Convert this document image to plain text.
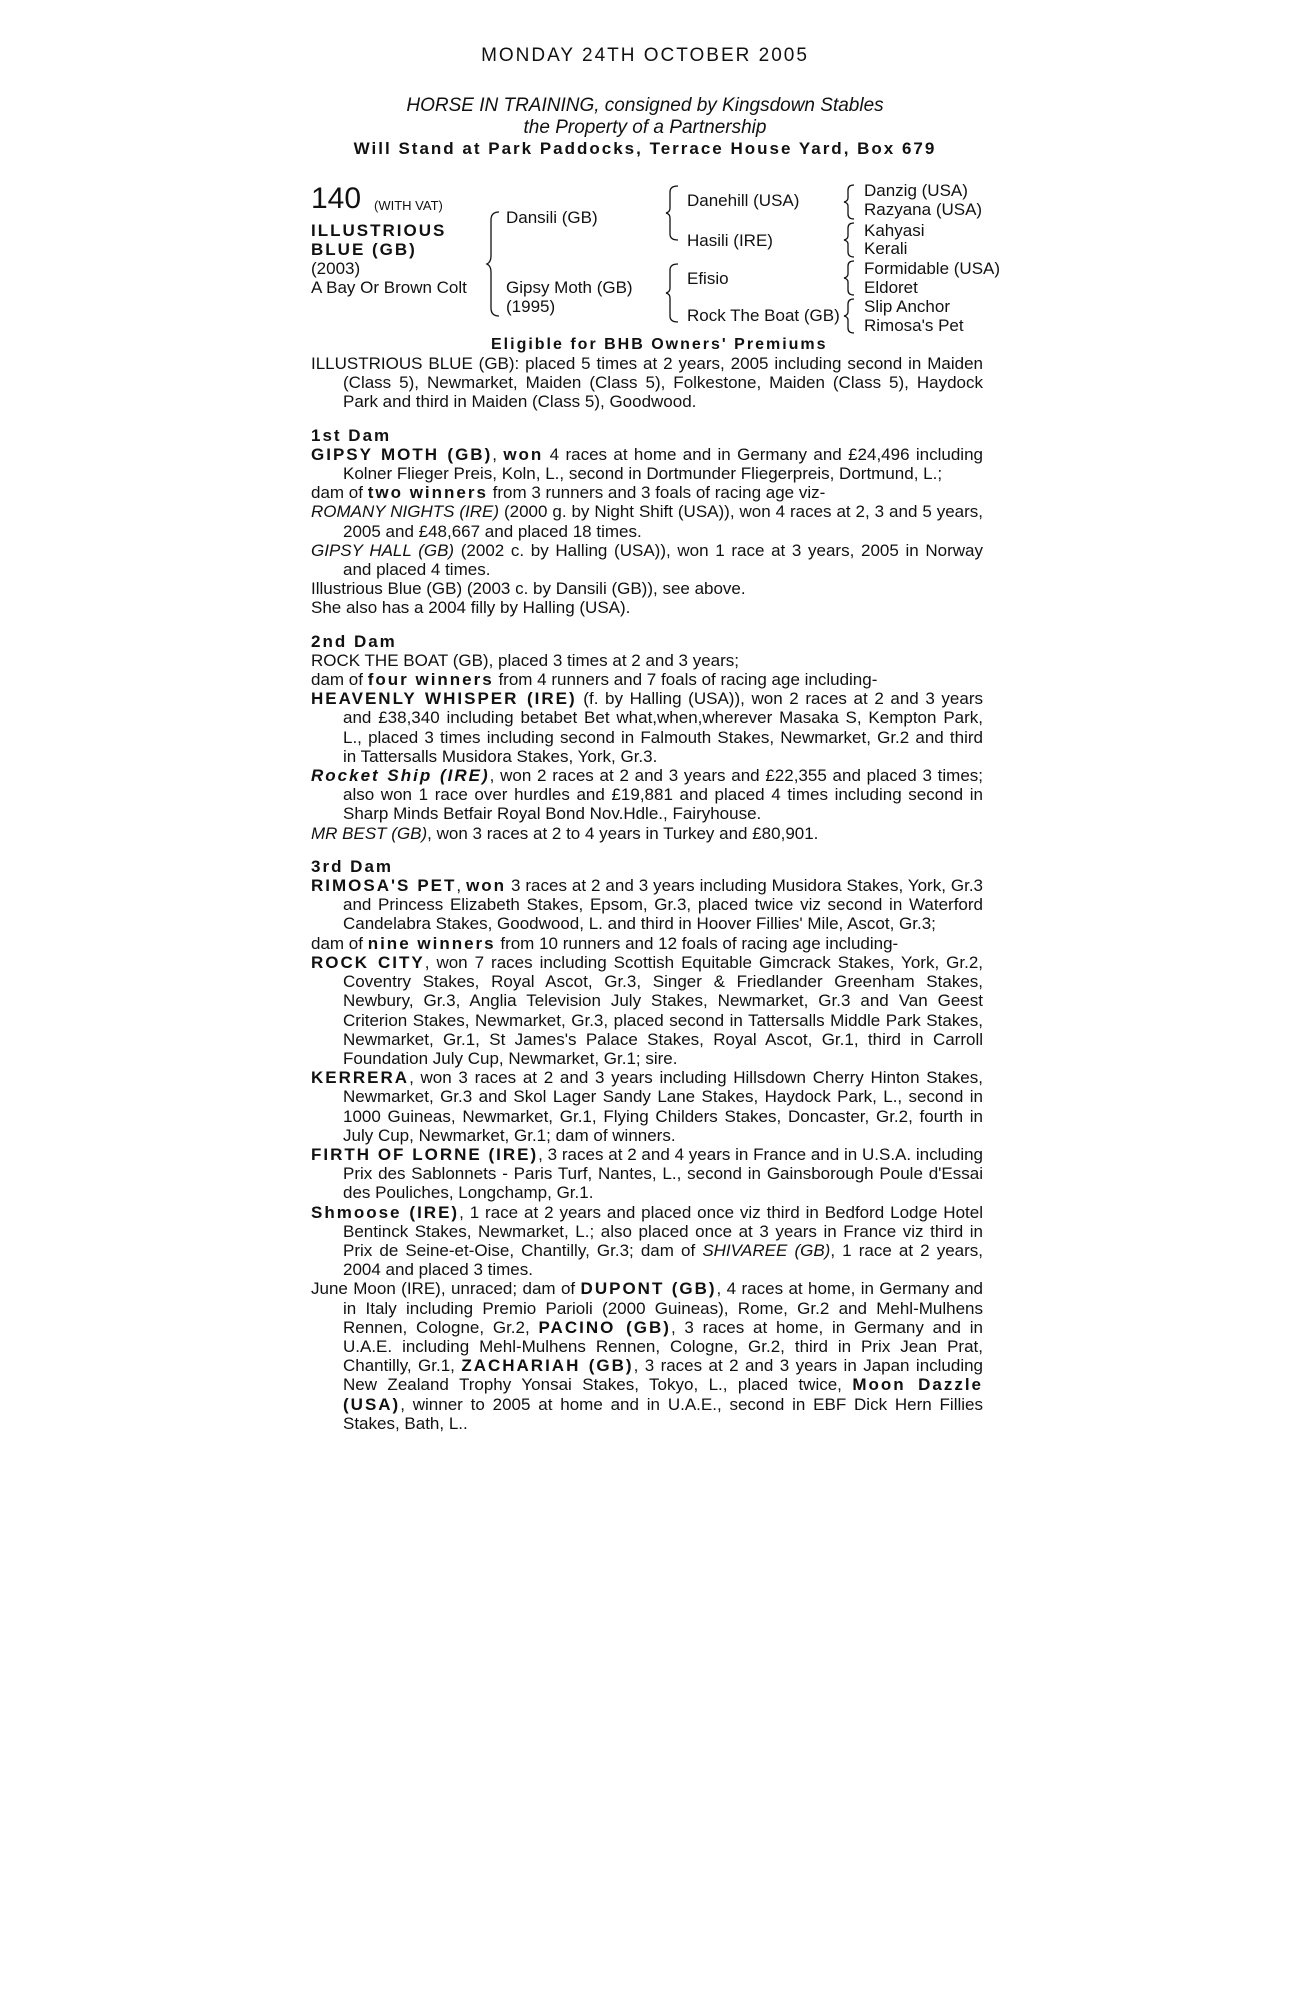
MONDAY 24TH OCTOBER 2005
HORSE IN TRAINING, consigned by Kingsdown Stables
the Property of a Partnership
Will Stand at Park Paddocks, Terrace House Yard, Box 679
140 (WITH VAT)
ILLUSTRIOUS
BLUE (GB)
(2003)
A Bay Or Brown Colt
Dansili (GB)
Gipsy Moth (GB)
(1995)
Danehill (USA)
Hasili (IRE)
Efisio
Rock The Boat (GB)
Danzig (USA)
Razyana (USA)
Kahyasi
Kerali
Formidable (USA)
Eldoret
Slip Anchor
Rimosa's Pet
Eligible for BHB Owners' Premiums

ILLUSTRIOUS BLUE (GB): placed 5 times at 2 years, 2005 including second in Maiden (Class 5), Newmarket, Maiden (Class 5), Folkestone, Maiden (Class 5), Haydock Park and third in Maiden (Class 5), Goodwood.

1st Dam

GIPSY MOTH (GB), won 4 races at home and in Germany and £24,496 including Kolner Flieger Preis, Koln, L., second in Dortmunder Fliegerpreis, Dortmund, L.;

dam of two winners from 3 runners and 3 foals of racing age viz-

ROMANY NIGHTS (IRE) (2000 g. by Night Shift (USA)), won 4 races at 2, 3 and 5 years, 2005 and £48,667 and placed 18 times.

GIPSY HALL (GB) (2002 c. by Halling (USA)), won 1 race at 3 years, 2005 in Norway and placed 4 times.

Illustrious Blue (GB) (2003 c. by Dansili (GB)), see above.

She also has a 2004 filly by Halling (USA).

2nd Dam

ROCK THE BOAT (GB), placed 3 times at 2 and 3 years;

dam of four winners from 4 runners and 7 foals of racing age including-

HEAVENLY WHISPER (IRE) (f. by Halling (USA)), won 2 races at 2 and 3 years and £38,340 including betabet Bet what,when,wherever Masaka S, Kempton Park, L., placed 3 times including second in Falmouth Stakes, Newmarket, Gr.2 and third in Tattersalls Musidora Stakes, York, Gr.3.

Rocket Ship (IRE), won 2 races at 2 and 3 years and £22,355 and placed 3 times; also won 1 race over hurdles and £19,881 and placed 4 times including second in Sharp Minds Betfair Royal Bond Nov.Hdle., Fairyhouse.

MR BEST (GB), won 3 races at 2 to 4 years in Turkey and £80,901.

3rd Dam

RIMOSA'S PET, won 3 races at 2 and 3 years including Musidora Stakes, York, Gr.3 and Princess Elizabeth Stakes, Epsom, Gr.3, placed twice viz second in Waterford Candelabra Stakes, Goodwood, L. and third in Hoover Fillies' Mile, Ascot, Gr.3;

dam of nine winners from 10 runners and 12 foals of racing age including-

ROCK CITY, won 7 races including Scottish Equitable Gimcrack Stakes, York, Gr.2, Coventry Stakes, Royal Ascot, Gr.3, Singer & Friedlander Greenham Stakes, Newbury, Gr.3, Anglia Television July Stakes, Newmarket, Gr.3 and Van Geest Criterion Stakes, Newmarket, Gr.3, placed second in Tattersalls Middle Park Stakes, Newmarket, Gr.1, St James's Palace Stakes, Royal Ascot, Gr.1, third in Carroll Foundation July Cup, Newmarket, Gr.1; sire.

KERRERA, won 3 races at 2 and 3 years including Hillsdown Cherry Hinton Stakes, Newmarket, Gr.3 and Skol Lager Sandy Lane Stakes, Haydock Park, L., second in 1000 Guineas, Newmarket, Gr.1, Flying Childers Stakes, Doncaster, Gr.2, fourth in July Cup, Newmarket, Gr.1; dam of winners.

FIRTH OF LORNE (IRE), 3 races at 2 and 4 years in France and in U.S.A. including Prix des Sablonnets - Paris Turf, Nantes, L., second in Gainsborough Poule d'Essai des Pouliches, Longchamp, Gr.1.

Shmoose (IRE), 1 race at 2 years and placed once viz third in Bedford Lodge Hotel Bentinck Stakes, Newmarket, L.; also placed once at 3 years in France viz third in Prix de Seine-et-Oise, Chantilly, Gr.3; dam of SHIVAREE (GB), 1 race at 2 years, 2004 and placed 3 times.

June Moon (IRE), unraced; dam of DUPONT (GB), 4 races at home, in Germany and in Italy including Premio Parioli (2000 Guineas), Rome, Gr.2 and Mehl-Mulhens Rennen, Cologne, Gr.2, PACINO (GB), 3 races at home, in Germany and in U.A.E. including Mehl-Mulhens Rennen, Cologne, Gr.2, third in Prix Jean Prat, Chantilly, Gr.1, ZACHARIAH (GB), 3 races at 2 and 3 years in Japan including New Zealand Trophy Yonsai Stakes, Tokyo, L., placed twice, Moon Dazzle (USA), winner to 2005 at home and in U.A.E., second in EBF Dick Hern Fillies Stakes, Bath, L..
